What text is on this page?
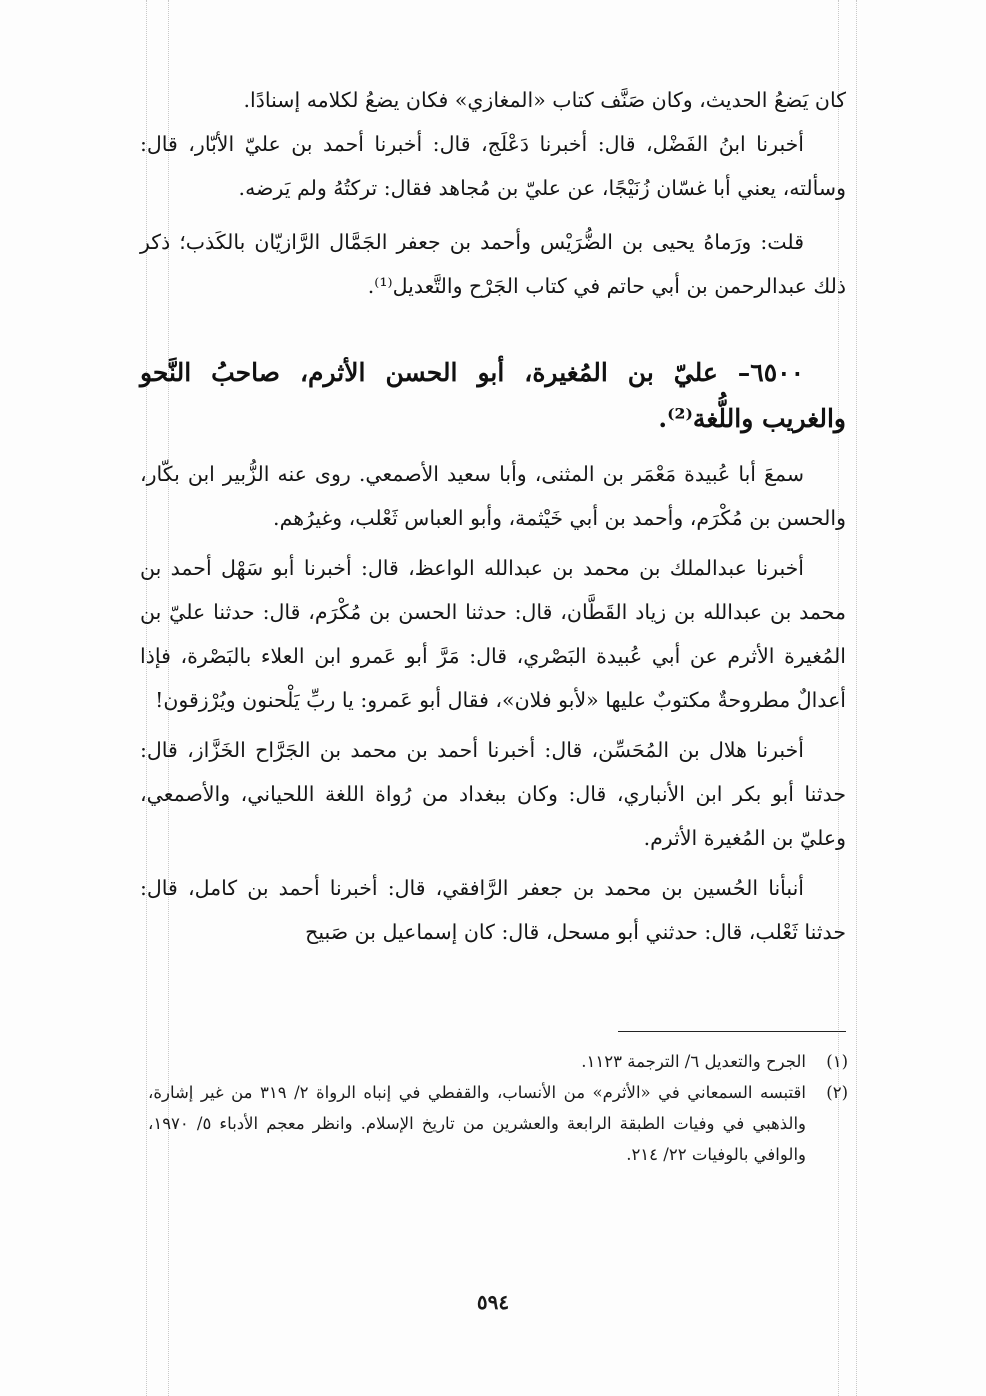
كان يَضعُ الحديث، وكان صَنَّف كتاب «المغازي» فكان يضعُ لكلامه إسنادًا.

أخبرنا ابنُ الفَضْل، قال: أخبرنا دَعْلَج، قال: أخبرنا أحمد بن عليّ الأبّار، قال: وسألته، يعني أبا غسّان زُنَيْجًا، عن عليّ بن مُجاهد فقال: تركتُهُ ولم يَرضه.

قلت: ورَماهُ يحيى بن الضُّرَيْس وأحمد بن جعفر الجَمَّال الرَّازيّان بالكَذب؛ ذكر ذلك عبدالرحمن بن أبي حاتم في كتاب الجَرْح والتَّعديل⁽¹⁾.

٦٥٠٠– عليّ بن المُغيرة، أبو الحسن الأثرم، صاحبُ النَّحو والغريب واللُّغة⁽²⁾.

سمعَ أبا عُبيدة مَعْمَر بن المثنى، وأبا سعيد الأصمعي. روى عنه الزُّبير ابن بكّار، والحسن بن مُكْرَم، وأحمد بن أبي خَيْثمة، وأبو العباس ثَعْلب، وغيرُهم.

أخبرنا عبدالملك بن محمد بن عبدالله الواعظ، قال: أخبرنا أبو سَهْل أحمد بن محمد بن عبدالله بن زياد القَطَّان، قال: حدثنا الحسن بن مُكْرَم، قال: حدثنا عليّ بن المُغيرة الأثرم عن أبي عُبيدة البَصْري، قال: مَرَّ أبو عَمرو ابن العلاء بالبَصْرة، فإذا أعدالٌ مطروحةٌ مكتوبٌ عليها «لأبو فلان»، فقال أبو عَمرو: يا ربِّ يَلْحنون ويُرْزقون!

أخبرنا هلال بن المُحَسِّن، قال: أخبرنا أحمد بن محمد بن الجَرَّاح الخَزَّاز، قال: حدثنا أبو بكر ابن الأنباري، قال: وكان ببغداد من رُواة اللغة اللحياني، والأصمعي، وعليّ بن المُغيرة الأثرم.

أنبأنا الحُسين بن محمد بن جعفر الرَّافقي، قال: أخبرنا أحمد بن كامل، قال: حدثنا ثَعْلب، قال: حدثني أبو مسحل، قال: كان إسماعيل بن صَبيح

(١)
الجرح والتعديل ٦/ الترجمة ١١٢٣.
(٢)
اقتبسه السمعاني في «الأثرم» من الأنساب، والقفطي في إنباه الرواة ٢/ ٣١٩ من غير إشارة، والذهبي في وفيات الطبقة الرابعة والعشرين من تاريخ الإسلام. وانظر معجم الأدباء ٥/ ١٩٧٠، والوافي بالوفيات ٢٢/ ٢١٤.
٥٩٤
